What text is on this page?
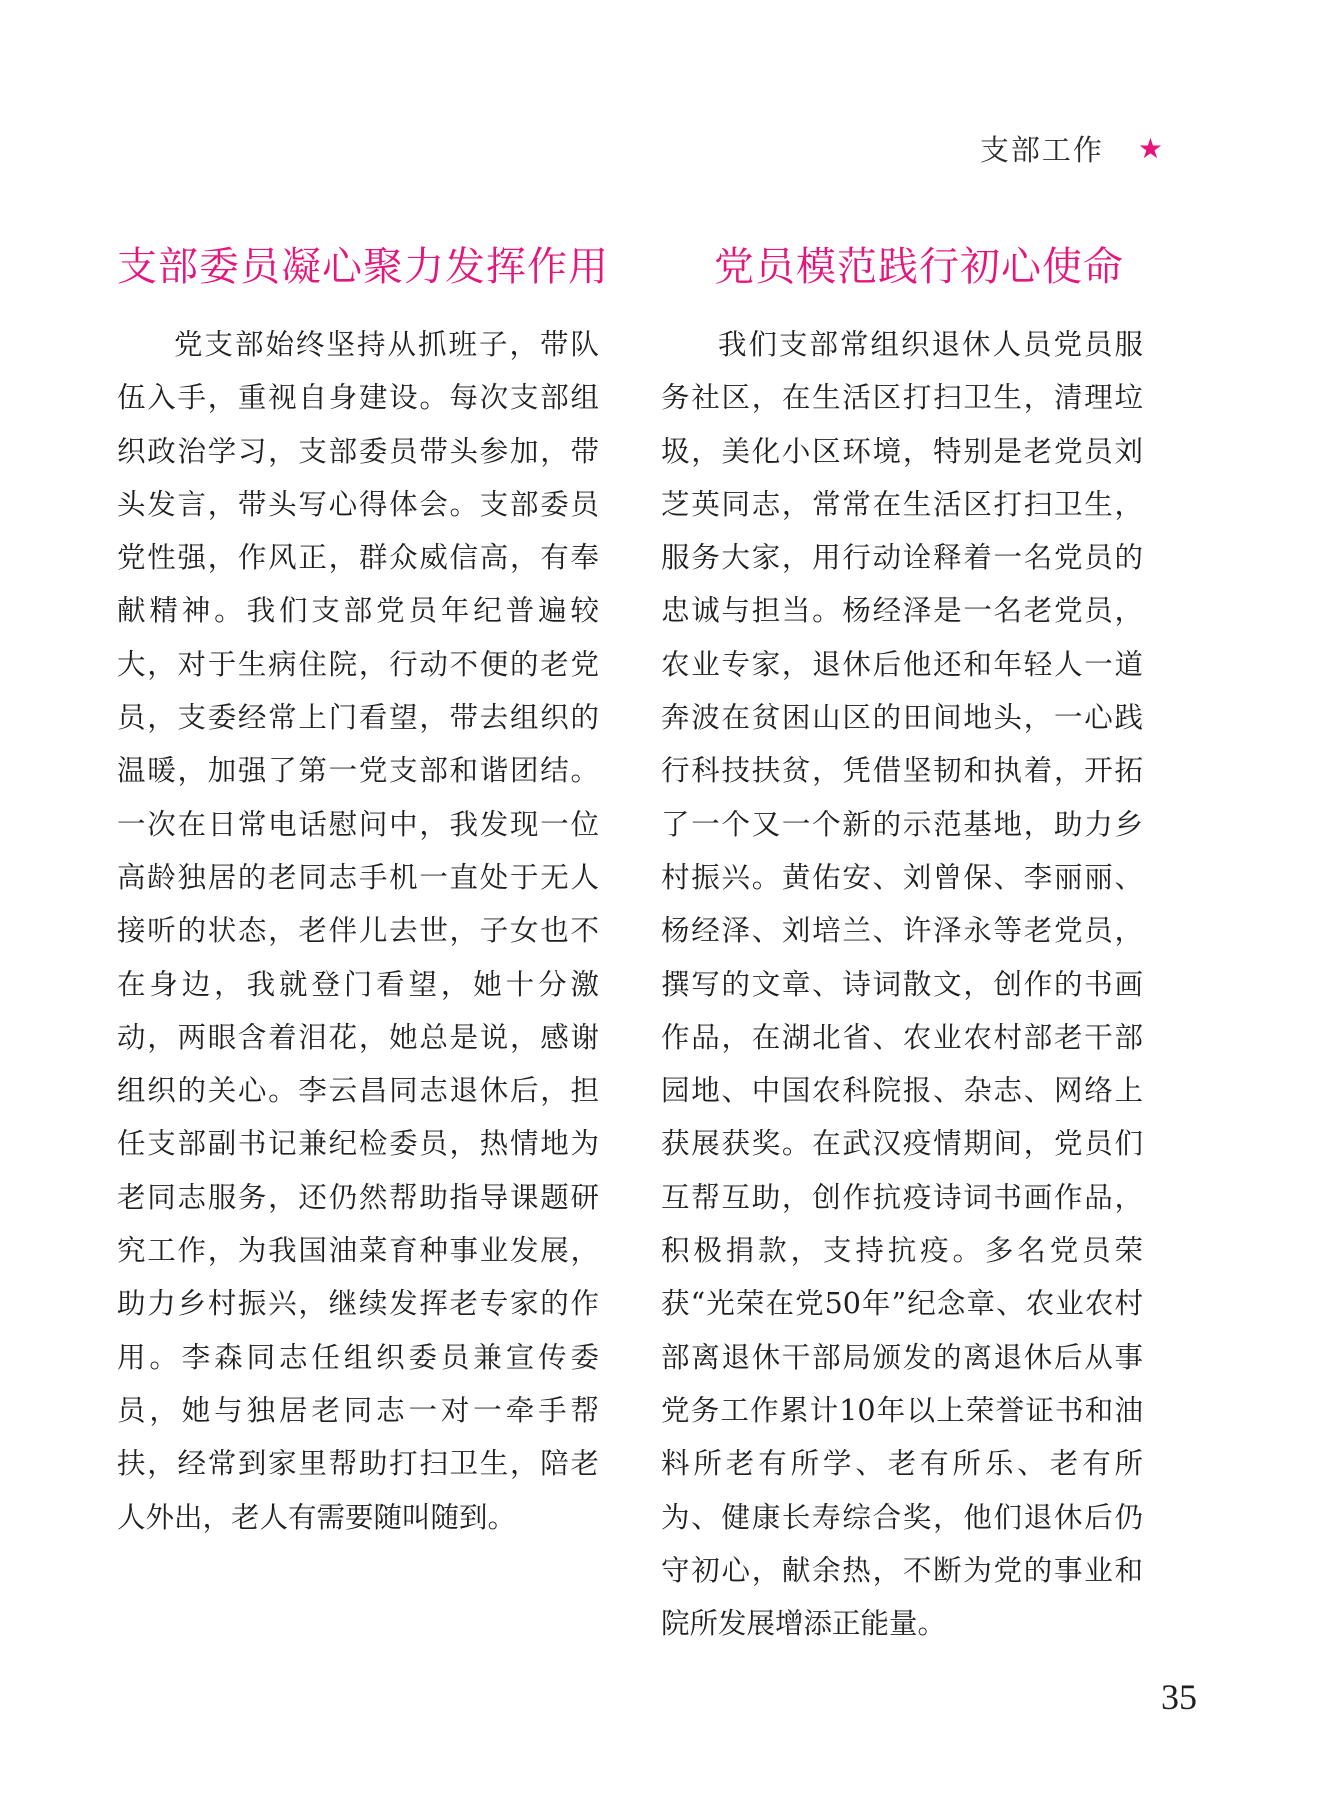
支部工作 ★
支部委员凝心聚力发挥作用

党支部始终坚持从抓班子，带队伍入手，重视自身建设。每次支部组织政治学习，支部委员带头参加，带头发言，带头写心得体会。支部委员党性强，作风正，群众威信高，有奉献精神。我们支部党员年纪普遍较大，对于生病住院，行动不便的老党员，支委经常上门看望，带去组织的温暖，加强了第一党支部和谐团结。一次在日常电话慰问中，我发现一位高龄独居的老同志手机一直处于无人接听的状态，老伴儿去世，子女也不在身边，我就登门看望，她十分激动，两眼含着泪花，她总是说，感谢组织的关心。李云昌同志退休后，担任支部副书记兼纪检委员，热情地为老同志服务，还仍然帮助指导课题研究工作，为我国油菜育种事业发展，助力乡村振兴，继续发挥老专家的作用。李森同志任组织委员兼宣传委员，她与独居老同志一对一牵手帮扶，经常到家里帮助打扫卫生，陪老人外出，老人有需要随叫随到。

党员模范践行初心使命

我们支部常组织退休人员党员服务社区，在生活区打扫卫生，清理垃圾，美化小区环境，特别是老党员刘芝英同志，常常在生活区打扫卫生，服务大家，用行动诠释着一名党员的忠诚与担当。杨经泽是一名老党员，农业专家，退休后他还和年轻人一道奔波在贫困山区的田间地头，一心践行科技扶贫，凭借坚韧和执着，开拓了一个又一个新的示范基地，助力乡村振兴。黄佑安、刘曾保、李丽丽、杨经泽、刘培兰、许泽永等老党员，撰写的文章、诗词散文，创作的书画作品，在湖北省、农业农村部老干部园地、中国农科院报、杂志、网络上获展获奖。在武汉疫情期间，党员们互帮互助，创作抗疫诗词书画作品，积极捐款，支持抗疫。多名党员荣获“光荣在党50年”纪念章、农业农村部离退休干部局颁发的离退休后从事党务工作累计10年以上荣誉证书和油料所老有所学、老有所乐、老有所为、健康长寿综合奖，他们退休后仍守初心，献余热，不断为党的事业和院所发展增添正能量。

35
